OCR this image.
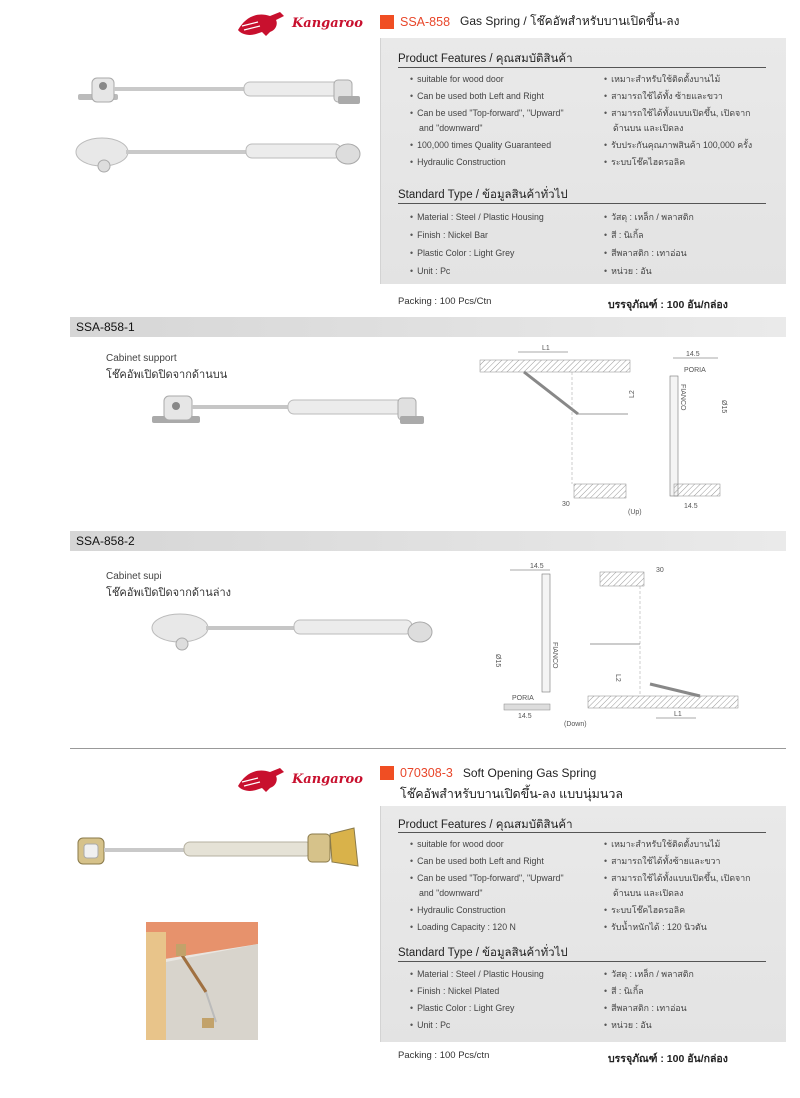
Kangaroo	SSA-858 Gas Spring / โช๊คอัพสำหรับบานเปิดขึ้น-ลง
Product Features / คุณสมบัติสินค้า
• suitable for wood door
• Can be used both Left and Right
• Can be used "Top-forward", "Upward"
and "downward"
• 100,000 times Quality Guaranteed
• Hydraulic Construction
• เหมาะสำหรับใช้ติดตั้งบานไม้
• สามารถใช้ได้ทั้ง ซ้ายและขวา
• สามารถใช้ได้ทั้งแบบเปิดขึ้น, เปิดจาก
ด้านบน และเปิดลง
• รับประกันคุณภาพสินค้า 100,000 ครั้ง
• ระบบโช๊คไฮดรอลิค
Standard Type / ข้อมูลสินค้าทั่วไป
• Material : Steel / Plastic Housing
• Finish : Nickel Bar
• Plastic Color : Light Grey
• Unit : Pc
• วัสดุ : เหล็ก / พลาสติก
• สี : นิเกิ้ล
• สีพลาสติก : เทาอ่อน
• หน่วย : อัน
Packing : 100 Pcs/Ctn	บรรจุภัณฑ์ : 100 อัน/กล่อง
SSA-858-1
Cabinet support
โช๊คอัพเปิดปิดจากด้านบน
L1
L2
30
14.5
PORIA
FIANCO	Ø15
14.5
(Up)
SSA-858-2
Cabinet supi
โช๊คอัพเปิดปิดจากด้านล่าง
14.5
FIANCO
Ø15
PORIA
14.5
(Down)
30
L2
L1
Kangaroo	070308-3 Soft Opening Gas Spring
โช๊คอัพสำหรับบานเปิดขึ้น-ลง แบบนุ่มนวล
Product Features / คุณสมบัติสินค้า
• suitable for wood door
• Can be used both Left and Right
• Can be used "Top-forward", "Upward"
and "downward"
• Hydraulic Construction
• Loading Capacity : 120 N
• เหมาะสำหรับใช้ติดตั้งบานไม้
• สามารถใช้ได้ทั้งซ้ายและขวา
• สามารถใช้ได้ทั้งแบบเปิดขึ้น, เปิดจาก
ด้านบน และเปิดลง
• ระบบโช๊คไฮดรอลิค
• รับน้ำหนักได้ : 120 นิวตัน
Standard Type / ข้อมูลสินค้าทั่วไป
• Material : Steel / Plastic Housing
• Finish : Nickel Plated
• Plastic Color : Light Grey
• Unit : Pc
• วัสดุ : เหล็ก / พลาสติก
• สี : นิเกิ้ล
• สีพลาสติก : เทาอ่อน
• หน่วย : อัน
Packing : 100 Pcs/ctn	บรรจุภัณฑ์ : 100 อัน/กล่อง
